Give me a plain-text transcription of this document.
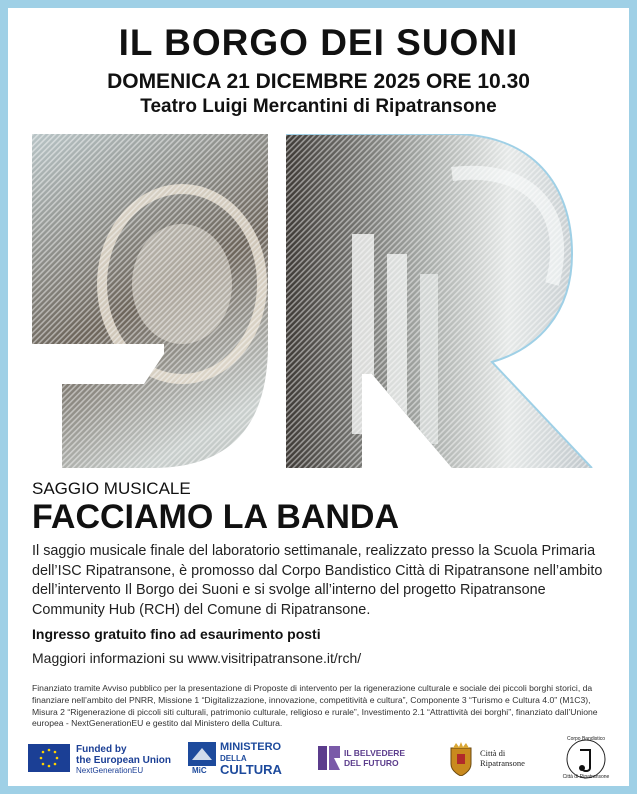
IL BORGO DEI SUONI
DOMENICA 21 DICEMBRE 2025 ORE 10.30
Teatro Luigi Mercantini di Ripatransone
SAGGIO MUSICALE
FACCIAMO LA BANDA
Il saggio musicale finale del laboratorio settimanale, realizzato presso la Scuola Primaria dell’ISC Ripatransone, è promosso dal Corpo Bandistico Città di Ripatransone nell’ambito dell’intervento Il Borgo dei Suoni e si svolge all’interno del progetto Ripatransone Community Hub (RCH) del Comune di Ripatransone.
Ingresso gratuito fino ad esaurimento posti
Maggiori informazioni su www.visitripatransone.it/rch/
Finanziato tramite Avviso pubblico per la presentazione di Proposte di intervento per la rigenerazione culturale e sociale dei piccoli borghi storici, da finanziare nell’ambito del PNRR, Missione 1 “Digitalizzazione, innovazione, competitività e cultura”, Componente 3 “Turismo e Cultura 4.0” (M1C3), Misura 2 “Rigenerazione di piccoli siti culturali, patrimonio culturale, religioso e rurale”, Investimento 2.1 “Attrattività dei borghi”, finanziato dall’Unione europea - NextGenerationEU e gestito dal Ministero della Cultura.
Funded by
the European Union
NextGenerationEU	MiC
MINISTERO
DELLA
CULTURA
IL BELVEDERE
DEL FUTURO
Città di
Ripatransone
Corpo Bandistico
Città di Ripatransone
